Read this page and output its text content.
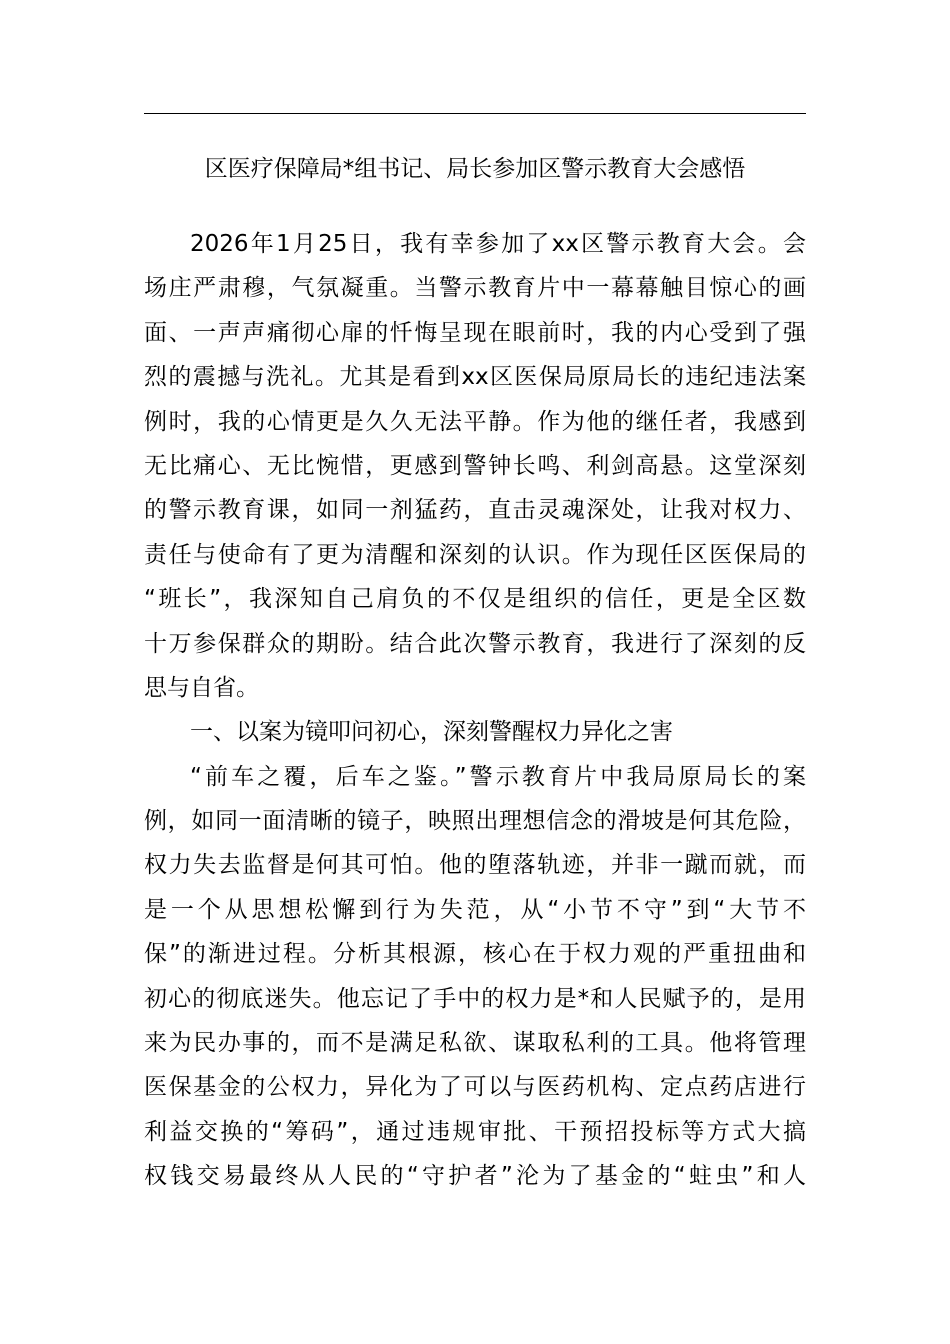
区医疗保障局*组书记、局长参加区警示教育大会感悟
2026年1月25日，我有幸参加了xx区警示教育大会。会
场庄严肃穆，气氛凝重。当警示教育片中一幕幕触目惊心的画
面、一声声痛彻心扉的忏悔呈现在眼前时，我的内心受到了强
烈的震撼与洗礼。尤其是看到xx区医保局原局长的违纪违法案
例时，我的心情更是久久无法平静。作为他的继任者，我感到
无比痛心、无比惋惜，更感到警钟长鸣、利剑高悬。这堂深刻
的警示教育课，如同一剂猛药，直击灵魂深处，让我对权力、
责任与使命有了更为清醒和深刻的认识。作为现任区医保局的
“班长”，我深知自己肩负的不仅是组织的信任，更是全区数
十万参保群众的期盼。结合此次警示教育，我进行了深刻的反
思与自省。
一、以案为镜叩问初心，深刻警醒权力异化之害
“前车之覆，后车之鉴。”警示教育片中我局原局长的案
例，如同一面清晰的镜子，映照出理想信念的滑坡是何其危险，
权力失去监督是何其可怕。他的堕落轨迹，并非一蹴而就，而
是一个从思想松懈到行为失范，从“小节不守”到“大节不
保”的渐进过程。分析其根源，核心在于权力观的严重扭曲和
初心的彻底迷失。他忘记了手中的权力是*和人民赋予的，是用
来为民办事的，而不是满足私欲、谋取私利的工具。他将管理
医保基金的公权力，异化为了可以与医药机构、定点药店进行
利益交换的“筹码”，通过违规审批、干预招投标等方式大搞
权钱交易最终从人民的“守护者”沦为了基金的“蛀虫”和人
